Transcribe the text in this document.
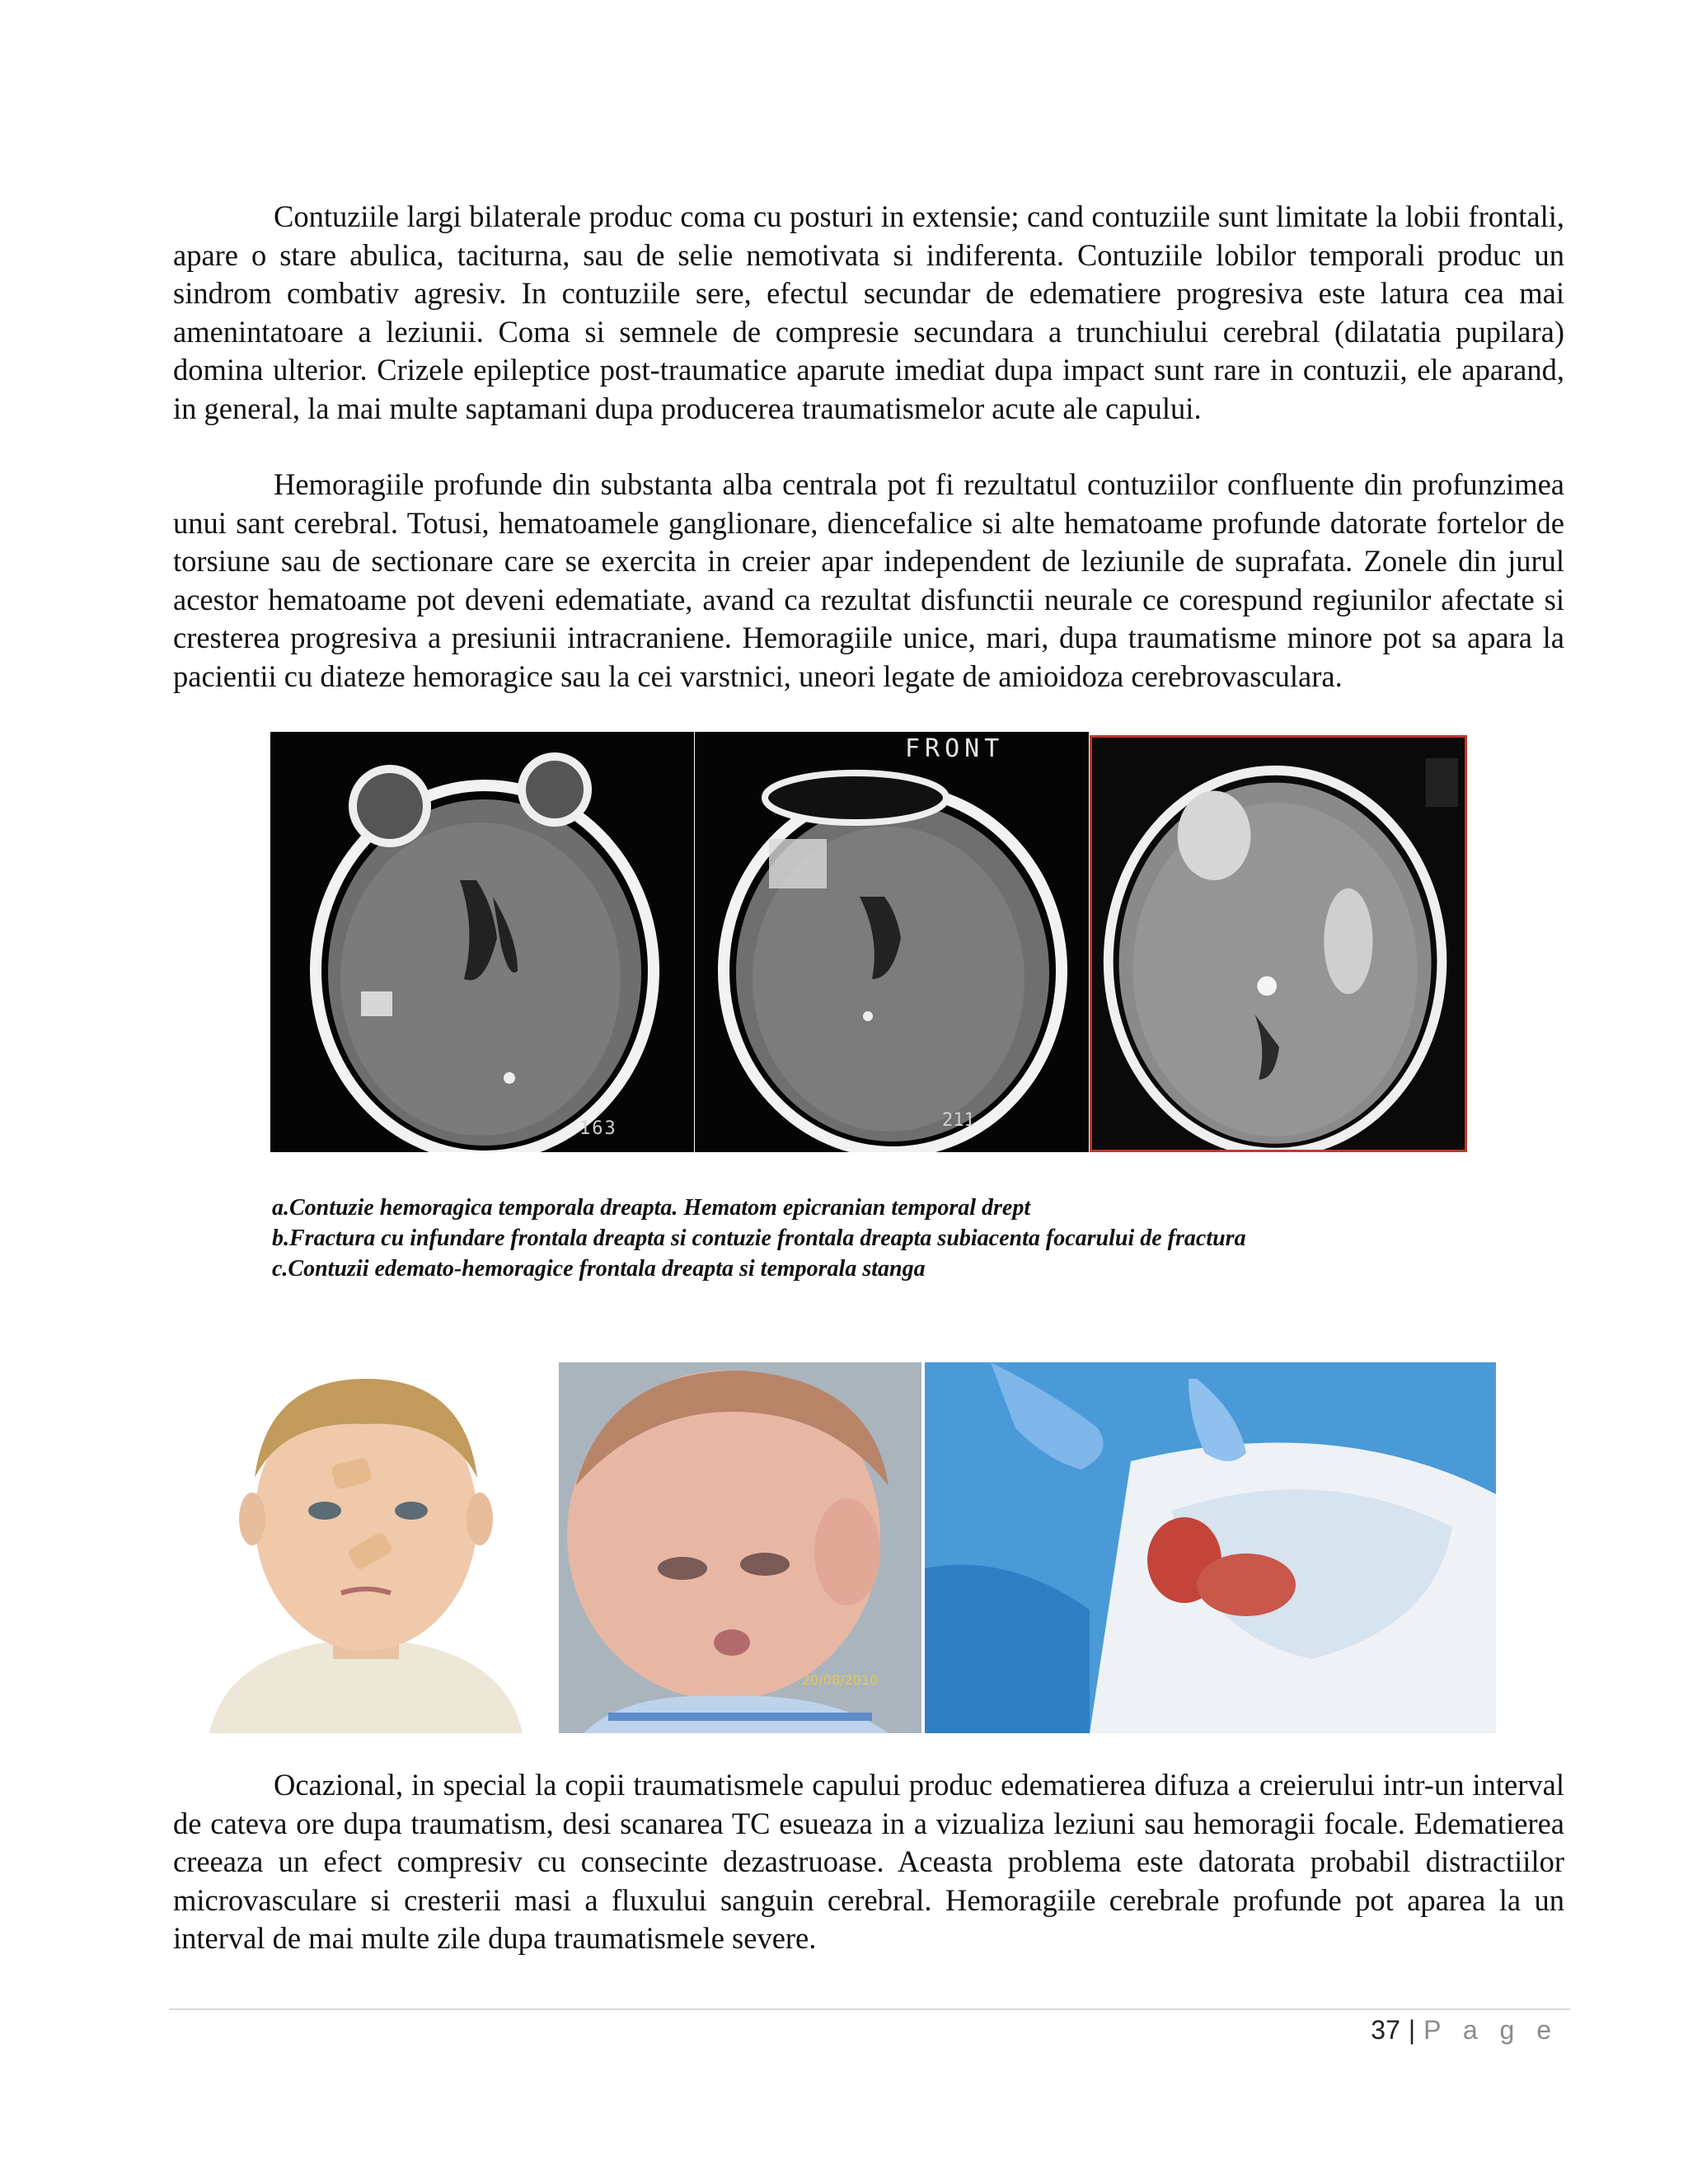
Contuziile largi bilaterale produc coma cu posturi in extensie; cand contuziile sunt limitate la lobii frontali, apare o stare abulica, taciturna, sau de selie nemotivata si indiferenta. Contuziile lobilor temporali produc un sindrom combativ agresiv. In contuziile sere, efectul secundar de edematiere progresiva este latura cea mai amenintatoare a leziunii. Coma si semnele de compresie secundara a trunchiului cerebral (dilatatia pupilara) domina ulterior. Crizele epileptice post-traumatice aparute imediat dupa impact sunt rare in contuzii, ele aparand, in general, la mai multe saptamani dupa producerea traumatismelor acute ale capului.

Hemoragiile profunde din substanta alba centrala pot fi rezultatul contuziilor confluente din profunzimea unui sant cerebral. Totusi, hematoamele ganglionare, diencefalice si alte hematoame profunde datorate fortelor de torsiune sau de sectionare care se exercita in creier apar independent de leziunile de suprafata. Zonele din jurul acestor hematoame pot deveni edematiate, avand ca rezultat disfunctii neurale ce corespund regiunilor afectate si cresterea progresiva a presiunii intracraniene. Hemoragiile unice, mari, dupa traumatisme minore pot sa apara la pacientii cu diateze hemoragice sau la cei varstnici, uneori legate de amioidoza cerebrovasculara.

163
FRONT
211
a.Contuzie hemoragica temporala dreapta. Hematom epicranian temporal drept
b.Fractura cu infundare frontala dreapta si contuzie frontala dreapta subiacenta focarului de fractura
c.Contuzii edemato-hemoragice frontala dreapta si temporala stanga
20/08/2010

Ocazional, in special la copii traumatismele capului produc edematierea difuza a creierului intr-un interval de cateva ore dupa traumatism, desi scanarea TC esueaza in a vizualiza leziuni sau hemoragii focale. Edematierea creeaza un efect compresiv cu consecinte dezastruoase. Aceasta problema este datorata probabil distractiilor microvasculare si cresterii masi a fluxului sanguin cerebral. Hemoragiile cerebrale profunde pot aparea la un interval de mai multe zile dupa traumatismele severe.

37 | P a g e
